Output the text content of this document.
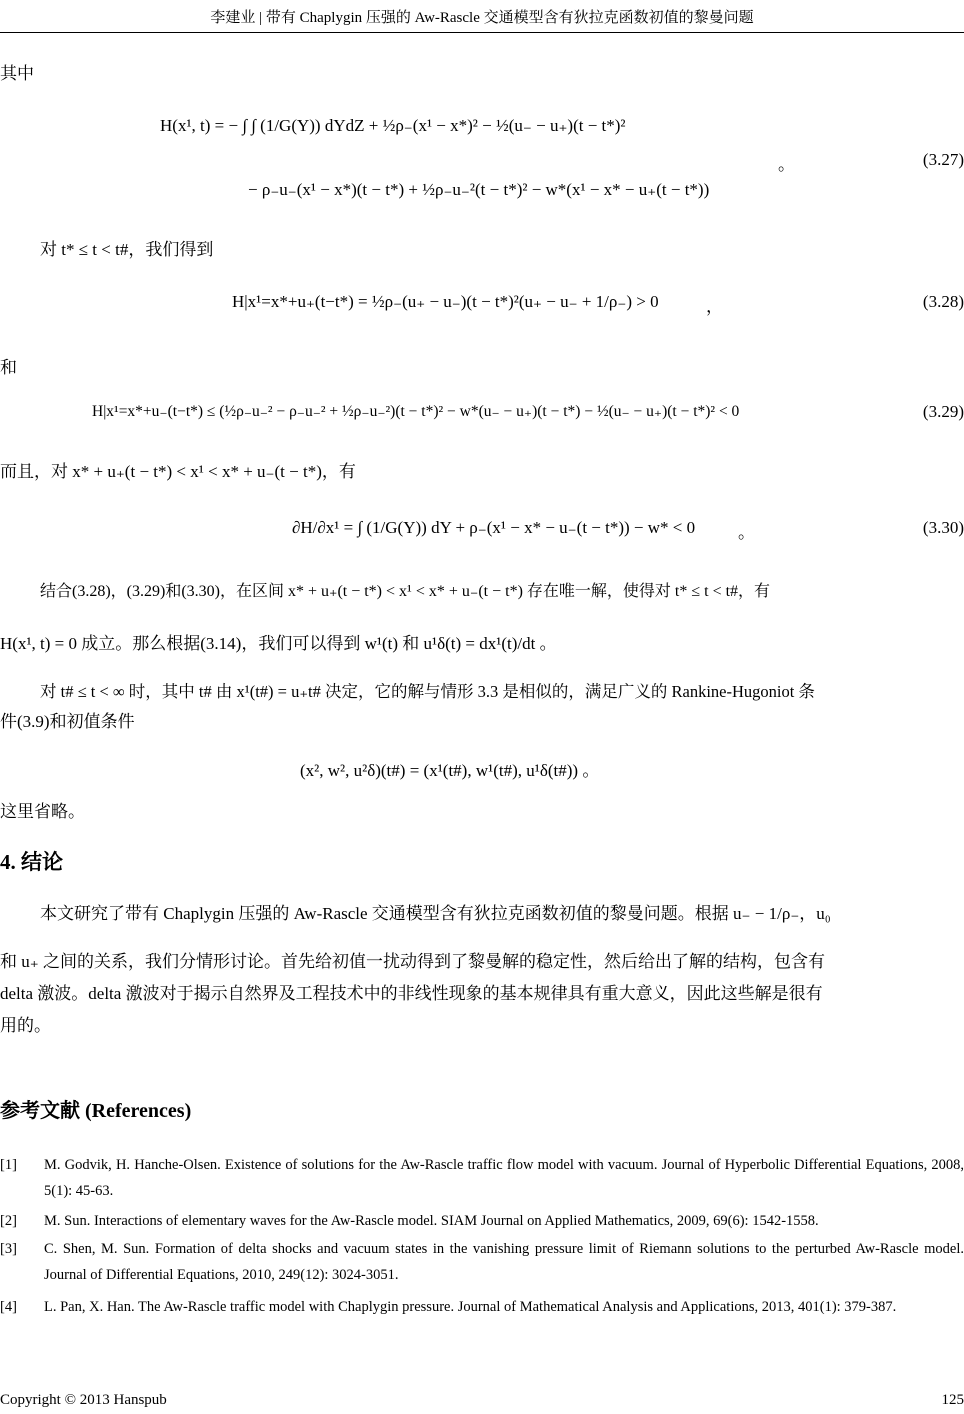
李建业 | 带有 Chaplygin 压强的 Aw-Rascle 交通模型含有狄拉克函数初值的黎曼问题
其中
H(x¹, t) = − ∫ ∫ (1/G(Y)) dYdZ + ½ρ₋(x¹ − x*)² − ½(u₋ − u₊)(t − t*)²
− ρ₋u₋(x¹ − x*)(t − t*) + ½ρ₋u₋²(t − t*)² − w*(x¹ − x* − u₊(t − t*))
。	(3.27)
对 t* ≤ t < t#，我们得到
H|x¹=x*+u₊(t−t*) = ½ρ₋(u₊ − u₋)(t − t*)²(u₊ − u₋ + 1/ρ₋) > 0	，	(3.28)
和
H|x¹=x*+u₋(t−t*) ≤ (½ρ₋u₋² − ρ₋u₋² + ½ρ₋u₋²)(t − t*)² − w*(u₋ − u₊)(t − t*) − ½(u₋ − u₊)(t − t*)² < 0	(3.29)
而且，对 x* + u₊(t − t*) < x¹ < x* + u₋(t − t*)，有
∂H/∂x¹ = ∫ (1/G(Y)) dY + ρ₋(x¹ − x* − u₋(t − t*)) − w* < 0	。	(3.30)
结合(3.28)，(3.29)和(3.30)，在区间 x* + u₊(t − t*) < x¹ < x* + u₋(t − t*) 存在唯一解，使得对 t* ≤ t < t#，有
H(x¹, t) = 0 成立。那么根据(3.14)，我们可以得到 w¹(t) 和 u¹δ(t) = dx¹(t)/dt 。
对 t# ≤ t < ∞ 时，其中 t# 由 x¹(t#) = u₊t# 决定，它的解与情形 3.3 是相似的，满足广义的 Rankine-Hugoniot 条
件(3.9)和初值条件
(x², w², u²δ)(t#) = (x¹(t#), w¹(t#), u¹δ(t#)) 。
这里省略。
4. 结论
本文研究了带有 Chaplygin 压强的 Aw-Rascle 交通模型含有狄拉克函数初值的黎曼问题。根据 u₋ − 1/ρ₋，u₀
和 u₊ 之间的关系，我们分情形讨论。首先给初值一扰动得到了黎曼解的稳定性，然后给出了解的结构，包含有
delta 激波。delta 激波对于揭示自然界及工程技术中的非线性现象的基本规律具有重大意义，因此这些解是很有
用的。
参考文献 (References)
[1] M. Godvik, H. Hanche-Olsen. Existence of solutions for the Aw-Rascle traffic flow model with vacuum. Journal of Hyperbolic Differential Equations, 2008, 5(1): 45-63.
[2] M. Sun. Interactions of elementary waves for the Aw-Rascle model. SIAM Journal on Applied Mathematics, 2009, 69(6): 1542-1558.
[3] C. Shen, M. Sun. Formation of delta shocks and vacuum states in the vanishing pressure limit of Riemann solutions to the perturbed Aw-Rascle model. Journal of Differential Equations, 2010, 249(12): 3024-3051.
[4] L. Pan, X. Han. The Aw-Rascle traffic model with Chaplygin pressure. Journal of Mathematical Analysis and Applications, 2013, 401(1): 379-387.
Copyright © 2013 Hanspub	125
